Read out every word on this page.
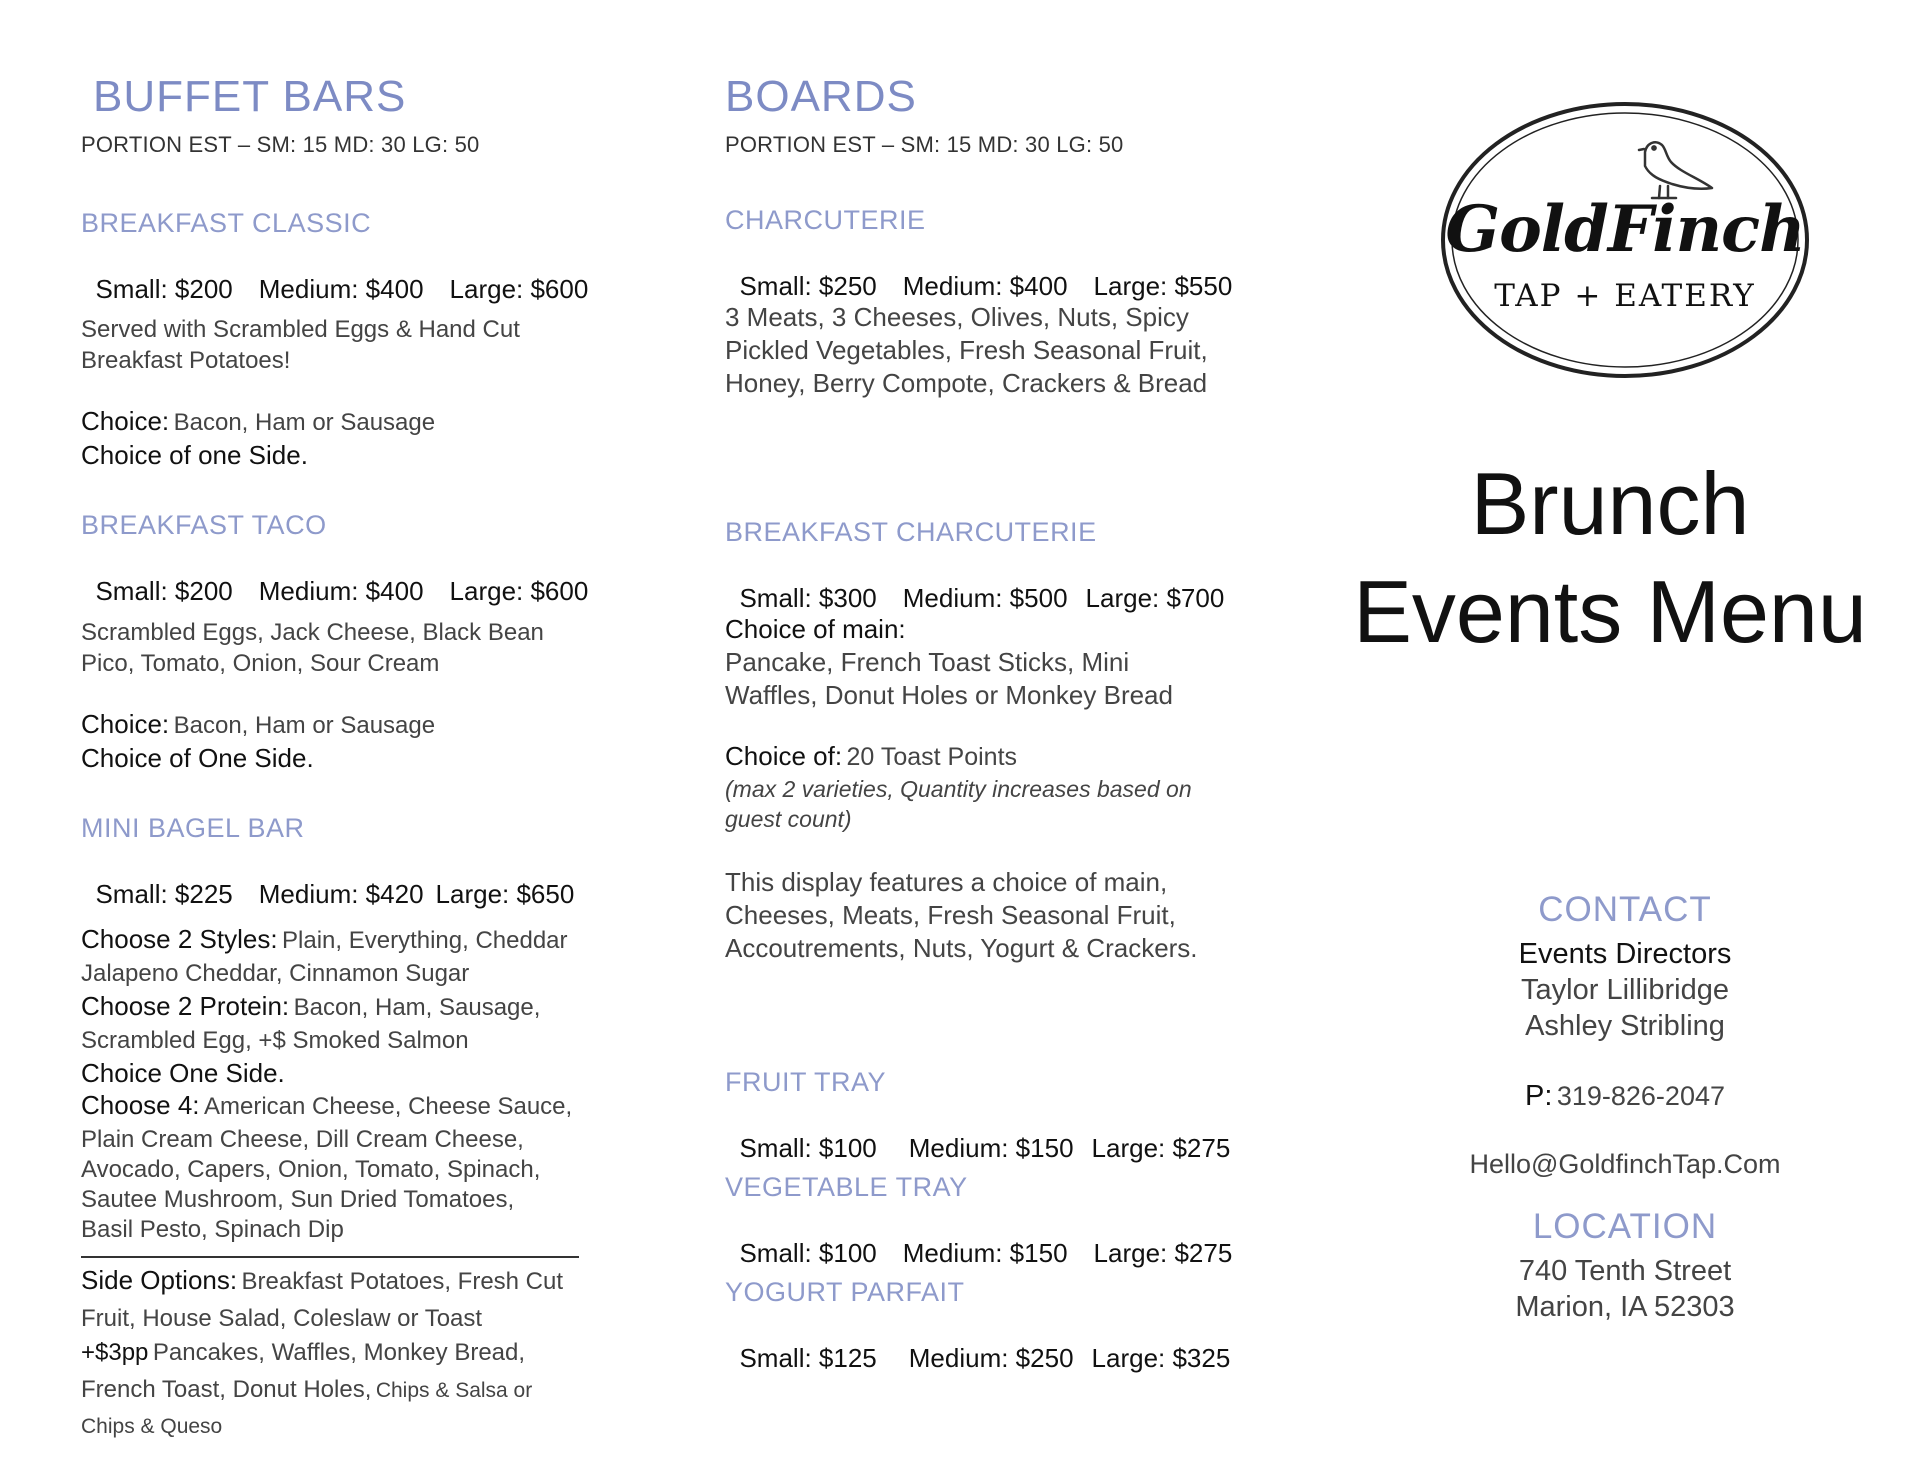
BUFFET BARS
PORTION EST – SM: 15 MD: 30 LG: 50
BREAKFAST CLASSIC

Small: $200 Medium: $400 Large: $600

Served with Scrambled Eggs & Hand Cut
Breakfast Potatoes!
Choice: Bacon, Ham or Sausage
Choice of one Side.
BREAKFAST TACO

Small: $200 Medium: $400 Large: $600

Scrambled Eggs, Jack Cheese, Black Bean
Pico, Tomato, Onion, Sour Cream
Choice: Bacon, Ham or Sausage
Choice of One Side.
MINI BAGEL BAR

Small: $225 Medium: $420 Large: $650

Choose 2 Styles: Plain, Everything, Cheddar
Jalapeno Cheddar, Cinnamon Sugar
Choose 2 Protein: Bacon, Ham, Sausage,
Scrambled Egg, +$ Smoked Salmon
Choice One Side.
Choose 4: American Cheese, Cheese Sauce,
Plain Cream Cheese, Dill Cream Cheese,
Avocado, Capers, Onion, Tomato, Spinach,
Sautee Mushroom, Sun Dried Tomatoes,
Basil Pesto, Spinach Dip
Side Options: Breakfast Potatoes, Fresh Cut
Fruit, House Salad, Coleslaw or Toast
+$3pp Pancakes, Waffles, Monkey Bread,
French Toast, Donut Holes, Chips & Salsa or
Chips & Queso
BOARDS
PORTION EST – SM: 15 MD: 30 LG: 50
CHARCUTERIE

Small: $250 Medium: $400 Large: $550

3 Meats, 3 Cheeses, Olives, Nuts, Spicy
Pickled Vegetables, Fresh Seasonal Fruit,
Honey, Berry Compote, Crackers & Bread
BREAKFAST CHARCUTERIE

Small: $300 Medium: $500 Large: $700

Choice of main:
Pancake, French Toast Sticks, Mini
Waffles, Donut Holes or Monkey Bread
Choice of: 20 Toast Points
(max 2 varieties, Quantity increases based on
guest count)
This display features a choice of main,
Cheeses, Meats, Fresh Seasonal Fruit,
Accoutrements, Nuts, Yogurt & Crackers.
FRUIT TRAY

Small: $100 Medium: $150 Large: $275

VEGETABLE TRAY

Small: $100 Medium: $150 Large: $275

YOGURT PARFAIT

Small: $125 Medium: $250 Large: $325

GoldFinch
TAP + EATERY
Brunch
Events Menu
CONTACT
Events Directors
Taylor Lillibridge
Ashley Stribling
P: 319-826-2047
Hello@GoldfinchTap.Com
LOCATION
740 Tenth Street
Marion, IA 52303
